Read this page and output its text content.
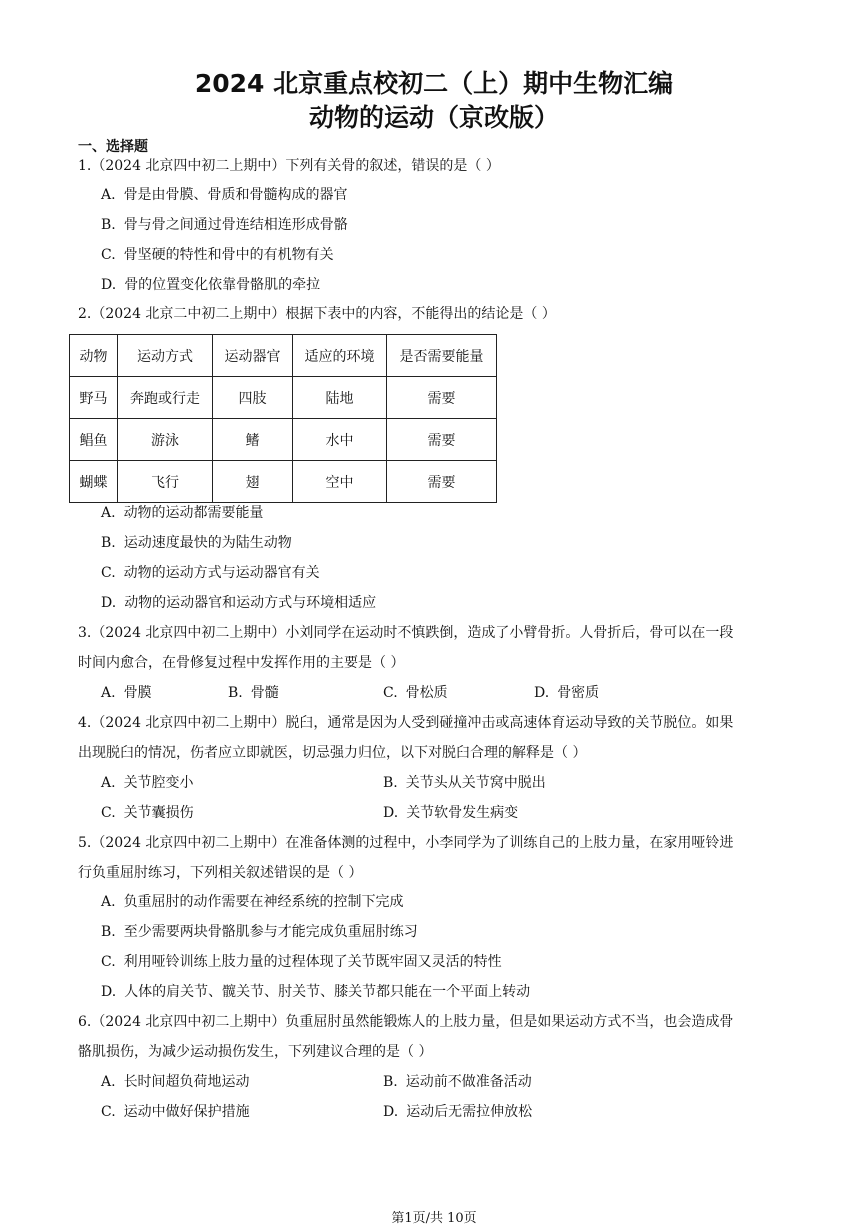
2024 北京重点校初二（上）期中生物汇编
动物的运动（京改版）
一、选择题
1.（2024 北京四中初二上期中）下列有关骨的叙述，错误的是（ ）
A. 骨是由骨膜、骨质和骨髓构成的器官
B. 骨与骨之间通过骨连结相连形成骨骼
C. 骨坚硬的特性和骨中的有机物有关
D. 骨的位置变化依靠骨骼肌的牵拉
2.（2024 北京二中初二上期中）根据下表中的内容，不能得出的结论是（ ）
动物	运动方式	运动器官	适应的环境	是否需要能量
野马	奔跑或行走	四肢	陆地	需要
鲳鱼	游泳	鳍	水中	需要
蝴蝶	飞行	翅	空中	需要
A. 动物的运动都需要能量
B. 运动速度最快的为陆生动物
C. 动物的运动方式与运动器官有关
D. 动物的运动器官和运动方式与环境相适应
3.（2024 北京四中初二上期中）小刘同学在运动时不慎跌倒，造成了小臂骨折。人骨折后，骨可以在一段
时间内愈合，在骨修复过程中发挥作用的主要是（ ）
A. 骨膜	B. 骨髓	C. 骨松质	D. 骨密质
4.（2024 北京四中初二上期中）脱臼，通常是因为人受到碰撞冲击或高速体育运动导致的关节脱位。如果
出现脱臼的情况，伤者应立即就医，切忌强力归位，以下对脱臼合理的解释是（ ）
A. 关节腔变小	B. 关节头从关节窝中脱出
C. 关节囊损伤	D. 关节软骨发生病变
5.（2024 北京四中初二上期中）在准备体测的过程中，小李同学为了训练自己的上肢力量，在家用哑铃进
行负重屈肘练习，下列相关叙述错误的是（ ）
A. 负重屈肘的动作需要在神经系统的控制下完成
B. 至少需要两块骨骼肌参与才能完成负重屈肘练习
C. 利用哑铃训练上肢力量的过程体现了关节既牢固又灵活的特性
D. 人体的肩关节、髋关节、肘关节、膝关节都只能在一个平面上转动
6.（2024 北京四中初二上期中）负重屈肘虽然能锻炼人的上肢力量，但是如果运动方式不当，也会造成骨
骼肌损伤，为减少运动损伤发生，下列建议合理的是（ ）
A. 长时间超负荷地运动	B. 运动前不做准备活动
C. 运动中做好保护措施	D. 运动后无需拉伸放松
第1页/共 10页
